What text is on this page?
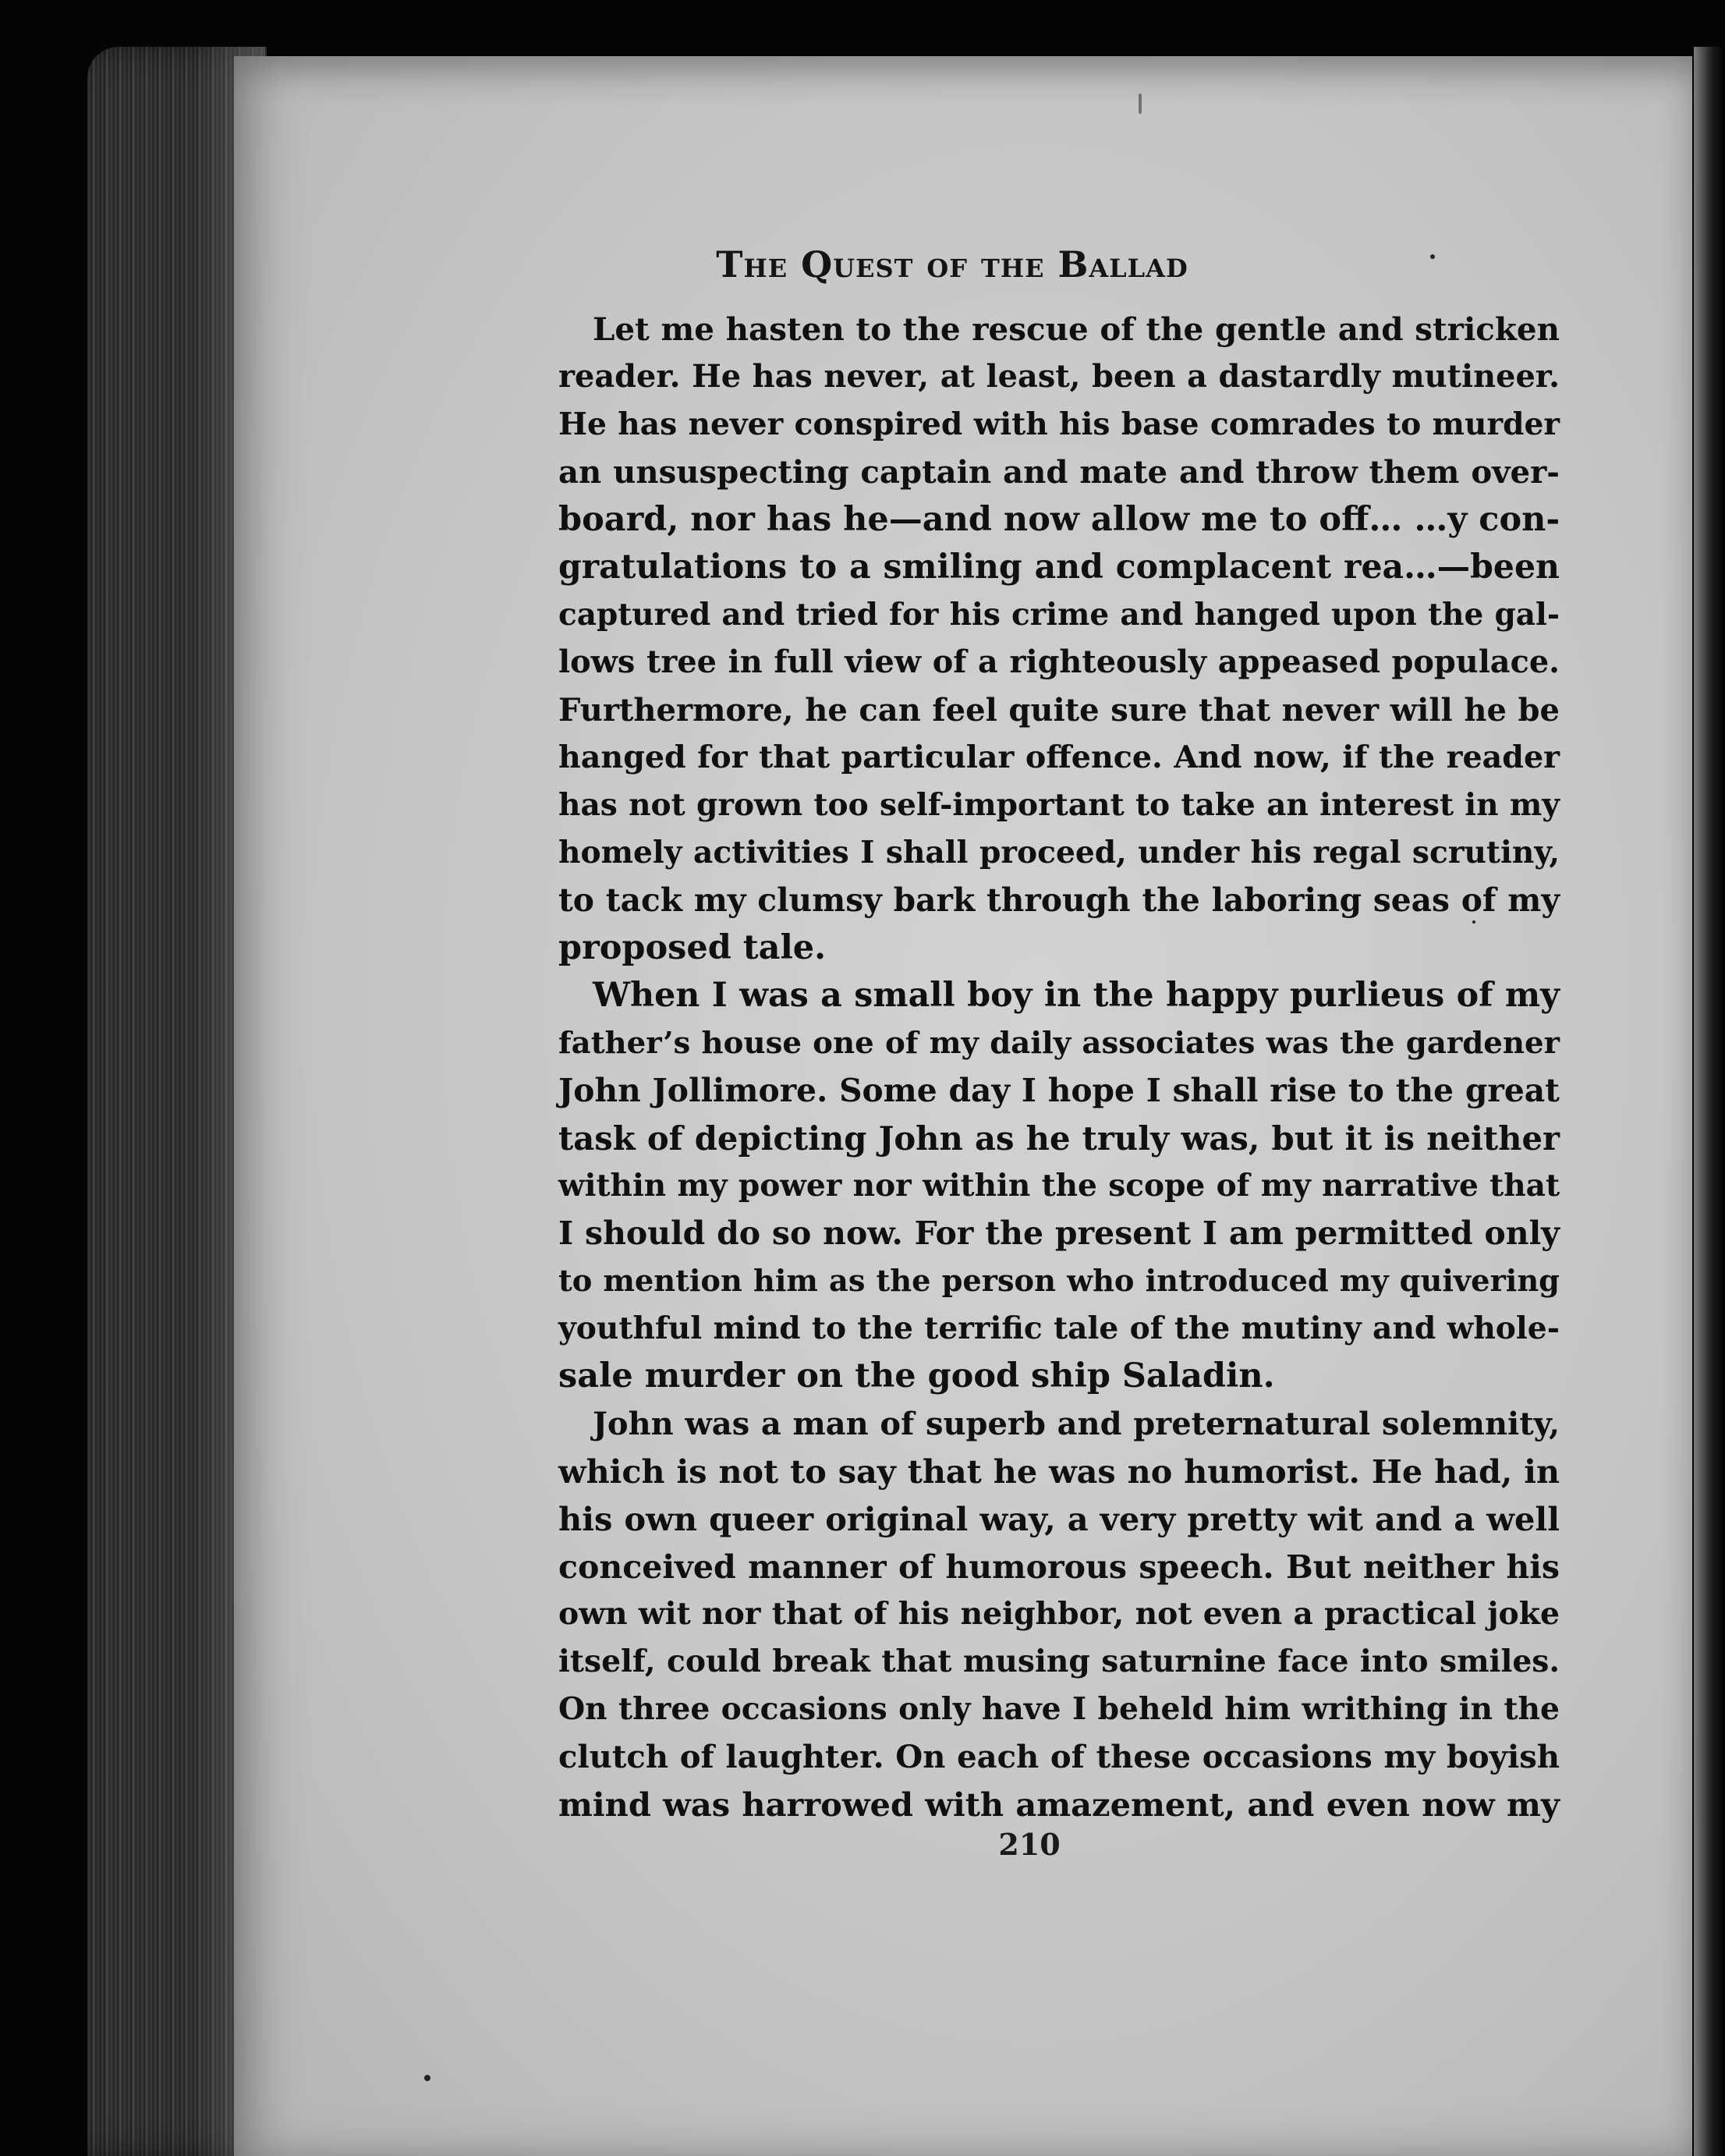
The Quest of the Ballad
Let me hasten to the rescue of the gentle and stricken
reader. He has never, at least, been a dastardly mutineer.
He has never conspired with his base comrades to murder
an unsuspecting captain and mate and throw them over-
board, nor has he—and now allow me to off… …y con-
gratulations to a smiling and complacent rea…—been
captured and tried for his crime and hanged upon the gal-
lows tree in full view of a righteously appeased populace.
Furthermore, he can feel quite sure that never will he be
hanged for that particular offence. And now, if the reader
has not grown too self-important to take an interest in my
homely activities I shall proceed, under his regal scrutiny,
to tack my clumsy bark through the laboring seas of my
proposed tale.
When I was a small boy in the happy purlieus of my
father’s house one of my daily associates was the gardener
John Jollimore. Some day I hope I shall rise to the great
task of depicting John as he truly was, but it is neither
within my power nor within the scope of my narrative that
I should do so now. For the present I am permitted only
to mention him as the person who introduced my quivering
youthful mind to the terrific tale of the mutiny and whole-
sale murder on the good ship Saladin.
John was a man of superb and preternatural solemnity,
which is not to say that he was no humorist. He had, in
his own queer original way, a very pretty wit and a well
conceived manner of humorous speech. But neither his
own wit nor that of his neighbor, not even a practical joke
itself, could break that musing saturnine face into smiles.
On three occasions only have I beheld him writhing in the
clutch of laughter. On each of these occasions my boyish
mind was harrowed with amazement, and even now my
210
